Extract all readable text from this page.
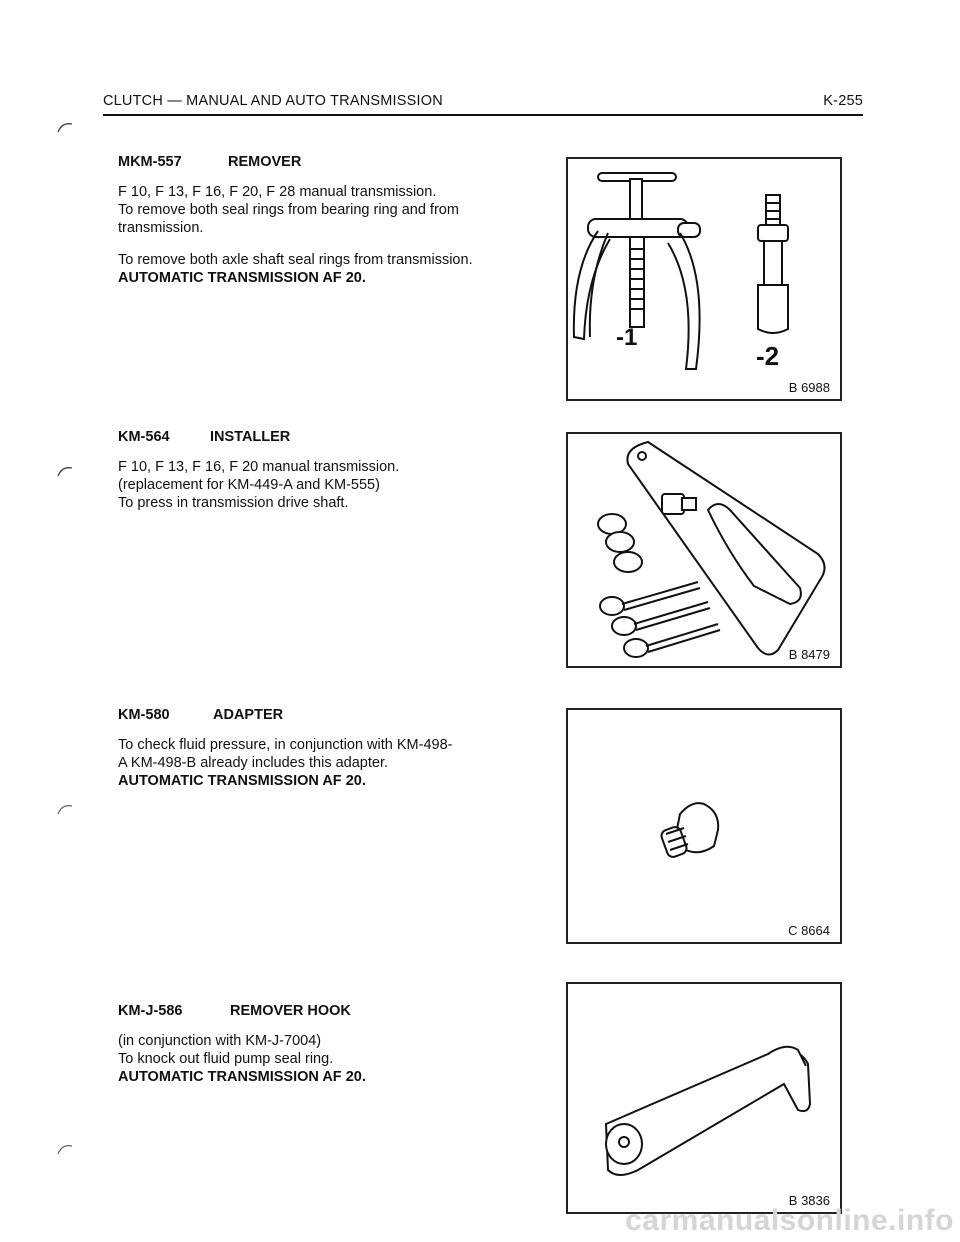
CLUTCH — MANUAL AND AUTO TRANSMISSION	K-255
MKM-557	REMOVER

F 10, F 13, F 16, F 20, F 28 manual transmission.

To remove both seal rings from bearing ring and from transmission.

To remove both axle shaft seal rings from transmission.

AUTOMATIC TRANSMISSION AF 20.

KM-564	INSTALLER

F 10, F 13, F 16, F 20 manual transmission.

(replacement for KM-449-A and KM-555)

To press in transmission drive shaft.

KM-580	ADAPTER

To check fluid pressure, in conjunction with KM-498-A KM-498-B already includes this adapter.

AUTOMATIC TRANSMISSION AF 20.

KM-J-586	REMOVER HOOK

(in conjunction with KM-J-7004)

To knock out fluid pump seal ring.

AUTOMATIC TRANSMISSION AF 20.

-1
-2
B 6988
B 8479
C 8664
B 3836
carmanualsonline.info
